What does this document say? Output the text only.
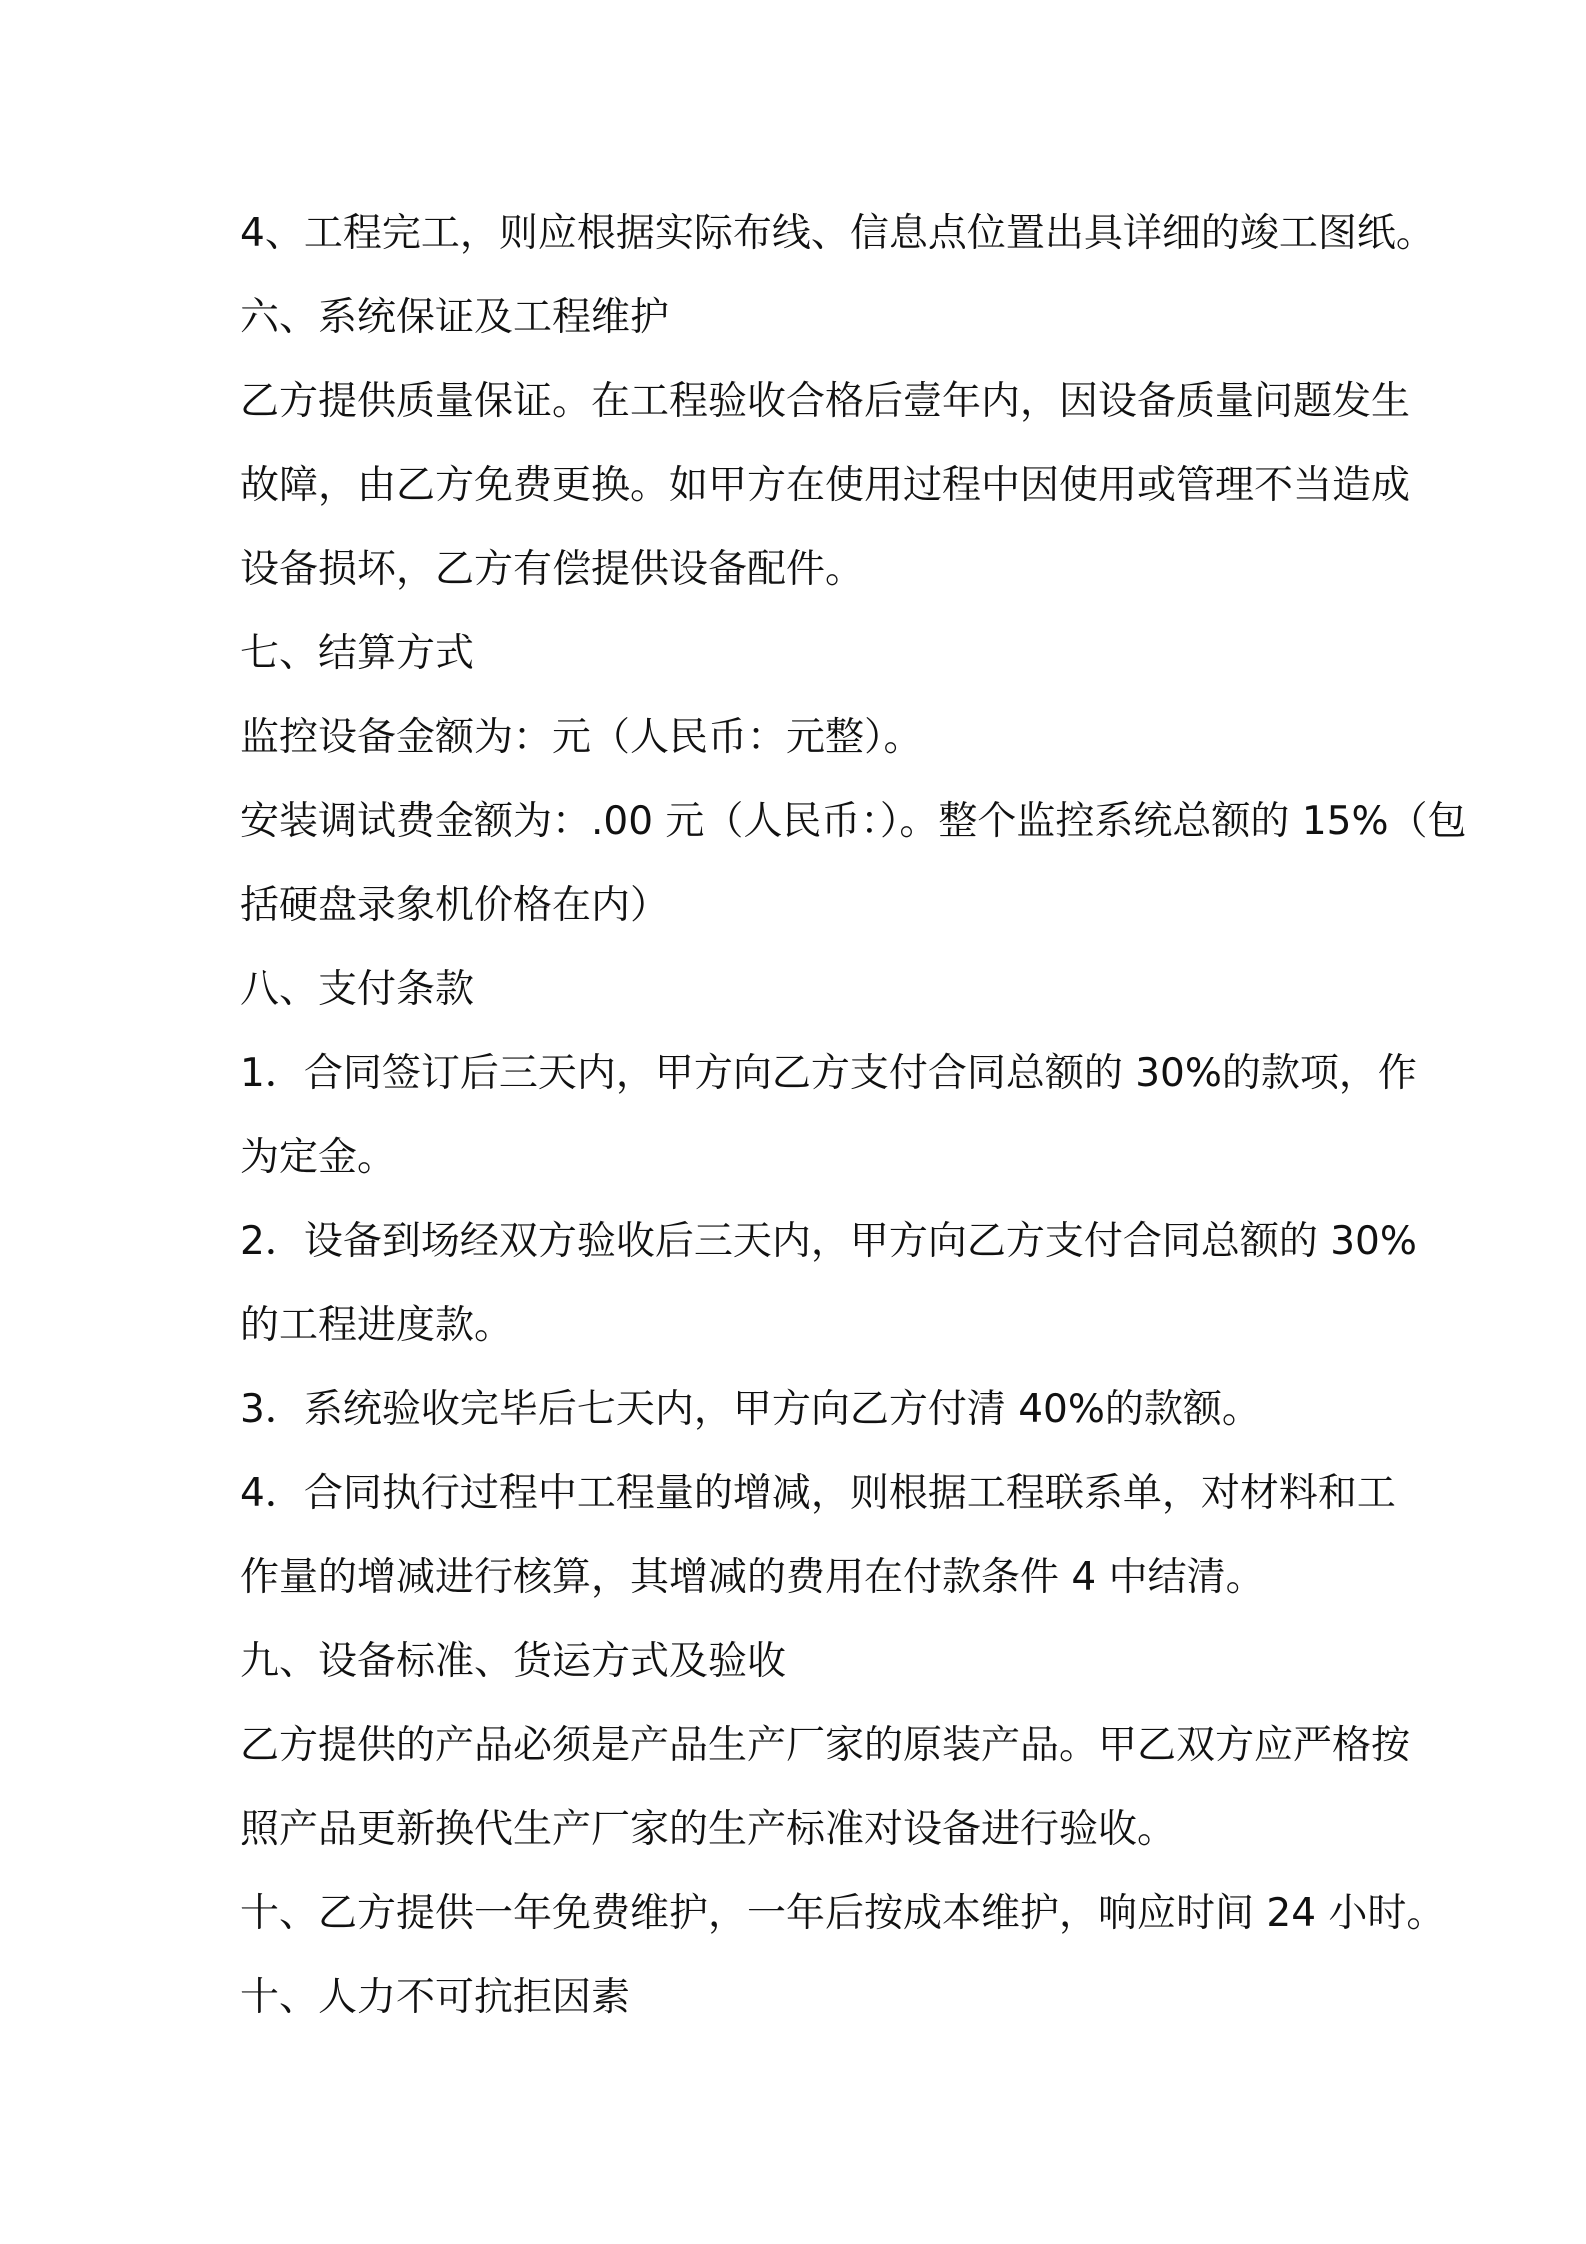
4、工程完工，则应根据实际布线、信息点位置出具详细的竣工图纸。
六、系统保证及工程维护
乙方提供质量保证。在工程验收合格后壹年内，因设备质量问题发生
故障，由乙方免费更换。如甲方在使用过程中因使用或管理不当造成
设备损坏，乙方有偿提供设备配件。
七、结算方式
监控设备金额为：元（人民币：元整）。
安装调试费金额为：.00 元（人民币：）。整个监控系统总额的 15%（包
括硬盘录象机价格在内）
八、支付条款
1．合同签订后三天内，甲方向乙方支付合同总额的 30%的款项，作
为定金。
2．设备到场经双方验收后三天内，甲方向乙方支付合同总额的 30%
的工程进度款。
3．系统验收完毕后七天内，甲方向乙方付清 40%的款额。
4．合同执行过程中工程量的增减，则根据工程联系单，对材料和工
作量的增减进行核算，其增减的费用在付款条件 4 中结清。
九、设备标准、货运方式及验收
乙方提供的产品必须是产品生产厂家的原装产品。甲乙双方应严格按
照产品更新换代生产厂家的生产标准对设备进行验收。
十、乙方提供一年免费维护，一年后按成本维护，响应时间 24 小时。
十、人力不可抗拒因素
